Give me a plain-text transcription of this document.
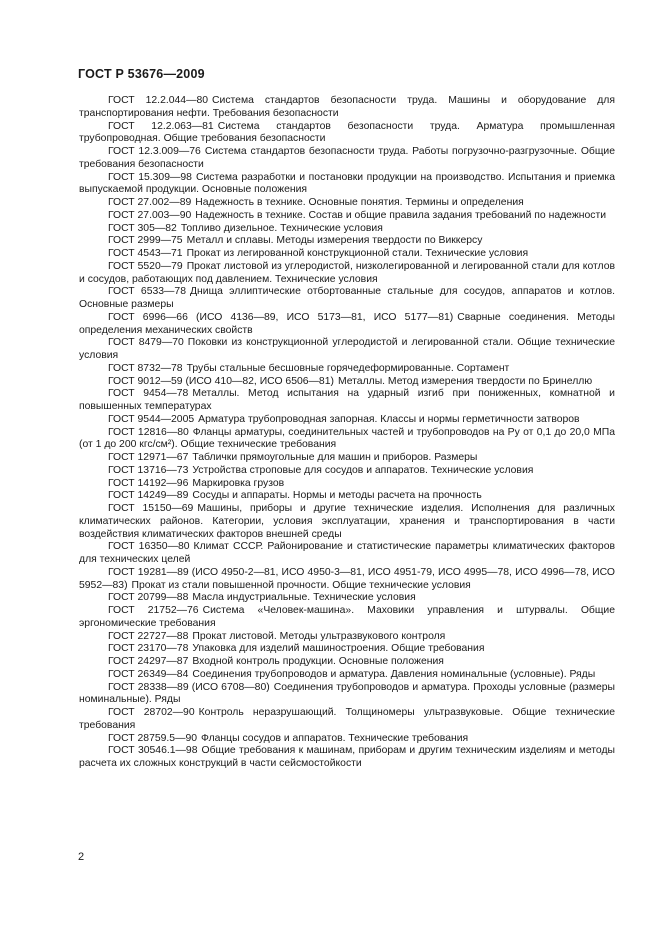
ГОСТ Р 53676—2009

ГОСТ 12.2.044—80 Система стандартов безопасности труда. Машины и оборудование для транспортирования нефти. Требования безопасности

ГОСТ 12.2.063—81 Система стандартов безопасности труда. Арматура промышленная трубопроводная. Общие требования безопасности

ГОСТ 12.3.009—76 Система стандартов безопасности труда. Работы погрузочно-разгрузочные. Общие требования безопасности

ГОСТ 15.309—98 Система разработки и постановки продукции на производство. Испытания и приемка выпускаемой продукции. Основные положения

ГОСТ 27.002—89 Надежность в технике. Основные понятия. Термины и определения

ГОСТ 27.003—90 Надежность в технике. Состав и общие правила задания требований по надежности

ГОСТ 305—82 Топливо дизельное. Технические условия

ГОСТ 2999—75 Металл и сплавы. Методы измерения твердости по Виккерсу

ГОСТ 4543—71 Прокат из легированной конструкционной стали. Технические условия

ГОСТ 5520—79 Прокат листовой из углеродистой, низколегированной и легированной стали для котлов и сосудов, работающих под давлением. Технические условия

ГОСТ 6533—78 Днища эллиптические отбортованные стальные для сосудов, аппаратов и котлов. Основные размеры

ГОСТ 6996—66 (ИСО 4136—89, ИСО 5173—81, ИСО 5177—81) Сварные соединения. Методы определения механических свойств

ГОСТ 8479—70 Поковки из конструкционной углеродистой и легированной стали. Общие технические условия

ГОСТ 8732—78 Трубы стальные бесшовные горячедеформированные. Сортамент

ГОСТ 9012—59 (ИСО 410—82, ИСО 6506—81) Металлы. Метод измерения твердости по Бринеллю

ГОСТ 9454—78 Металлы. Метод испытания на ударный изгиб при пониженных, комнатной и повышенных температурах

ГОСТ 9544—2005 Арматура трубопроводная запорная. Классы и нормы герметичности затворов

ГОСТ 12816—80 Фланцы арматуры, соединительных частей и трубопроводов на Pу от 0,1 до 20,0 МПа (от 1 до 200 кгс/см²). Общие технические требования

ГОСТ 12971—67 Таблички прямоугольные для машин и приборов. Размеры

ГОСТ 13716—73 Устройства строповые для сосудов и аппаратов. Технические условия

ГОСТ 14192—96 Маркировка грузов

ГОСТ 14249—89 Сосуды и аппараты. Нормы и методы расчета на прочность

ГОСТ 15150—69 Машины, приборы и другие технические изделия. Исполнения для различных климатических районов. Категории, условия эксплуатации, хранения и транспортирования в части воздействия климатических факторов внешней среды

ГОСТ 16350—80 Климат СССР. Районирование и статистические параметры климатических факторов для технических целей

ГОСТ 19281—89 (ИСО 4950-2—81, ИСО 4950-3—81, ИСО 4951-79, ИСО 4995—78, ИСО 4996—78, ИСО 5952—83) Прокат из стали повышенной прочности. Общие технические условия

ГОСТ 20799—88 Масла индустриальные. Технические условия

ГОСТ 21752—76 Система «Человек-машина». Маховики управления и штурвалы. Общие эргономические требования

ГОСТ 22727—88 Прокат листовой. Методы ультразвукового контроля

ГОСТ 23170—78 Упаковка для изделий машиностроения. Общие требования

ГОСТ 24297—87 Входной контроль продукции. Основные положения

ГОСТ 26349—84 Соединения трубопроводов и арматура. Давления номинальные (условные). Ряды

ГОСТ 28338—89 (ИСО 6708—80) Соединения трубопроводов и арматура. Проходы условные (размеры номинальные). Ряды

ГОСТ 28702—90 Контроль неразрушающий. Толщиномеры ультразвуковые. Общие технические требования

ГОСТ 28759.5—90 Фланцы сосудов и аппаратов. Технические требования

ГОСТ 30546.1—98 Общие требования к машинам, приборам и другим техническим изделиям и методы расчета их сложных конструкций в части сейсмостойкости

2
